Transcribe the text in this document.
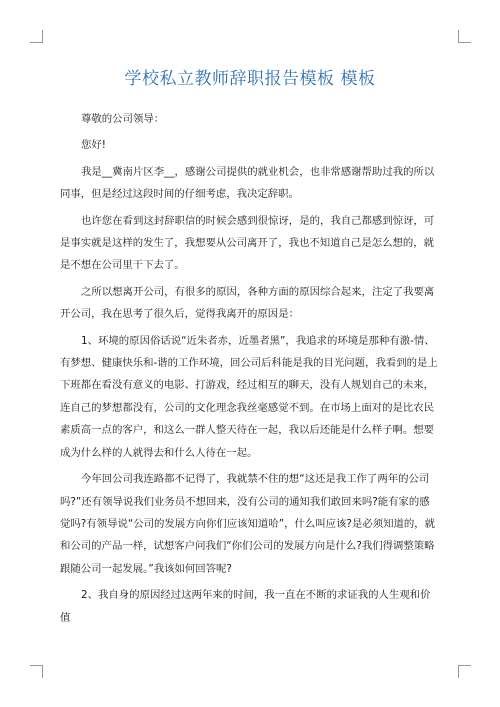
学校私立教师辞职报告模板 模板

尊敬的公司领导：

您好!

我是__冀南片区李__，感谢公司提供的就业机会，也非常感谢帮助过我的所以同事，但是经过这段时间的仔细考虑，我决定辞职。

也许您在看到这封辞职信的时候会感到很惊讶，是的，我自己都感到惊讶，可是事实就是这样的发生了，我想要从公司离开了，我也不知道自己是怎么想的，就是不想在公司里干下去了。

之所以想离开公司，有很多的原因，各种方面的原因综合起来，注定了我要离开公司，我在思考了很久后，觉得我离开的原因是：

1、环境的原因俗话说“近朱者赤，近墨者黑”，我追求的环境是那种有激-情、有梦想、健康快乐和-谐的工作环境，回公司后科能是我的目光问题，我看到的是上下班都在看没有意义的电影、打游戏，经过相互的聊天，没有人规划自己的未来，连自己的梦想都没有，公司的文化理念我丝毫感觉不到。在市场上面对的是比农民素质高一点的客户，和这么一群人整天待在一起，我以后还能是什么样子啊。想要成为什么样的人就得去和什么人待在一起。

今年回公司我连路都不记得了，我就禁不住的想“这还是我工作了两年的公司吗?”还有领导说我们业务员不想回来，没有公司的通知我们敢回来吗?能有家的感觉吗?有领导说“公司的发展方向你们应该知道哈”，什么叫应该?是必须知道的，就和公司的产品一样，试想客户问我们“你们公司的发展方向是什么?我们得调整策略跟随公司一起发展。”我该如何回答呢?

2、我自身的原因经过这两年来的时间，我一直在不断的求证我的人生观和价值
